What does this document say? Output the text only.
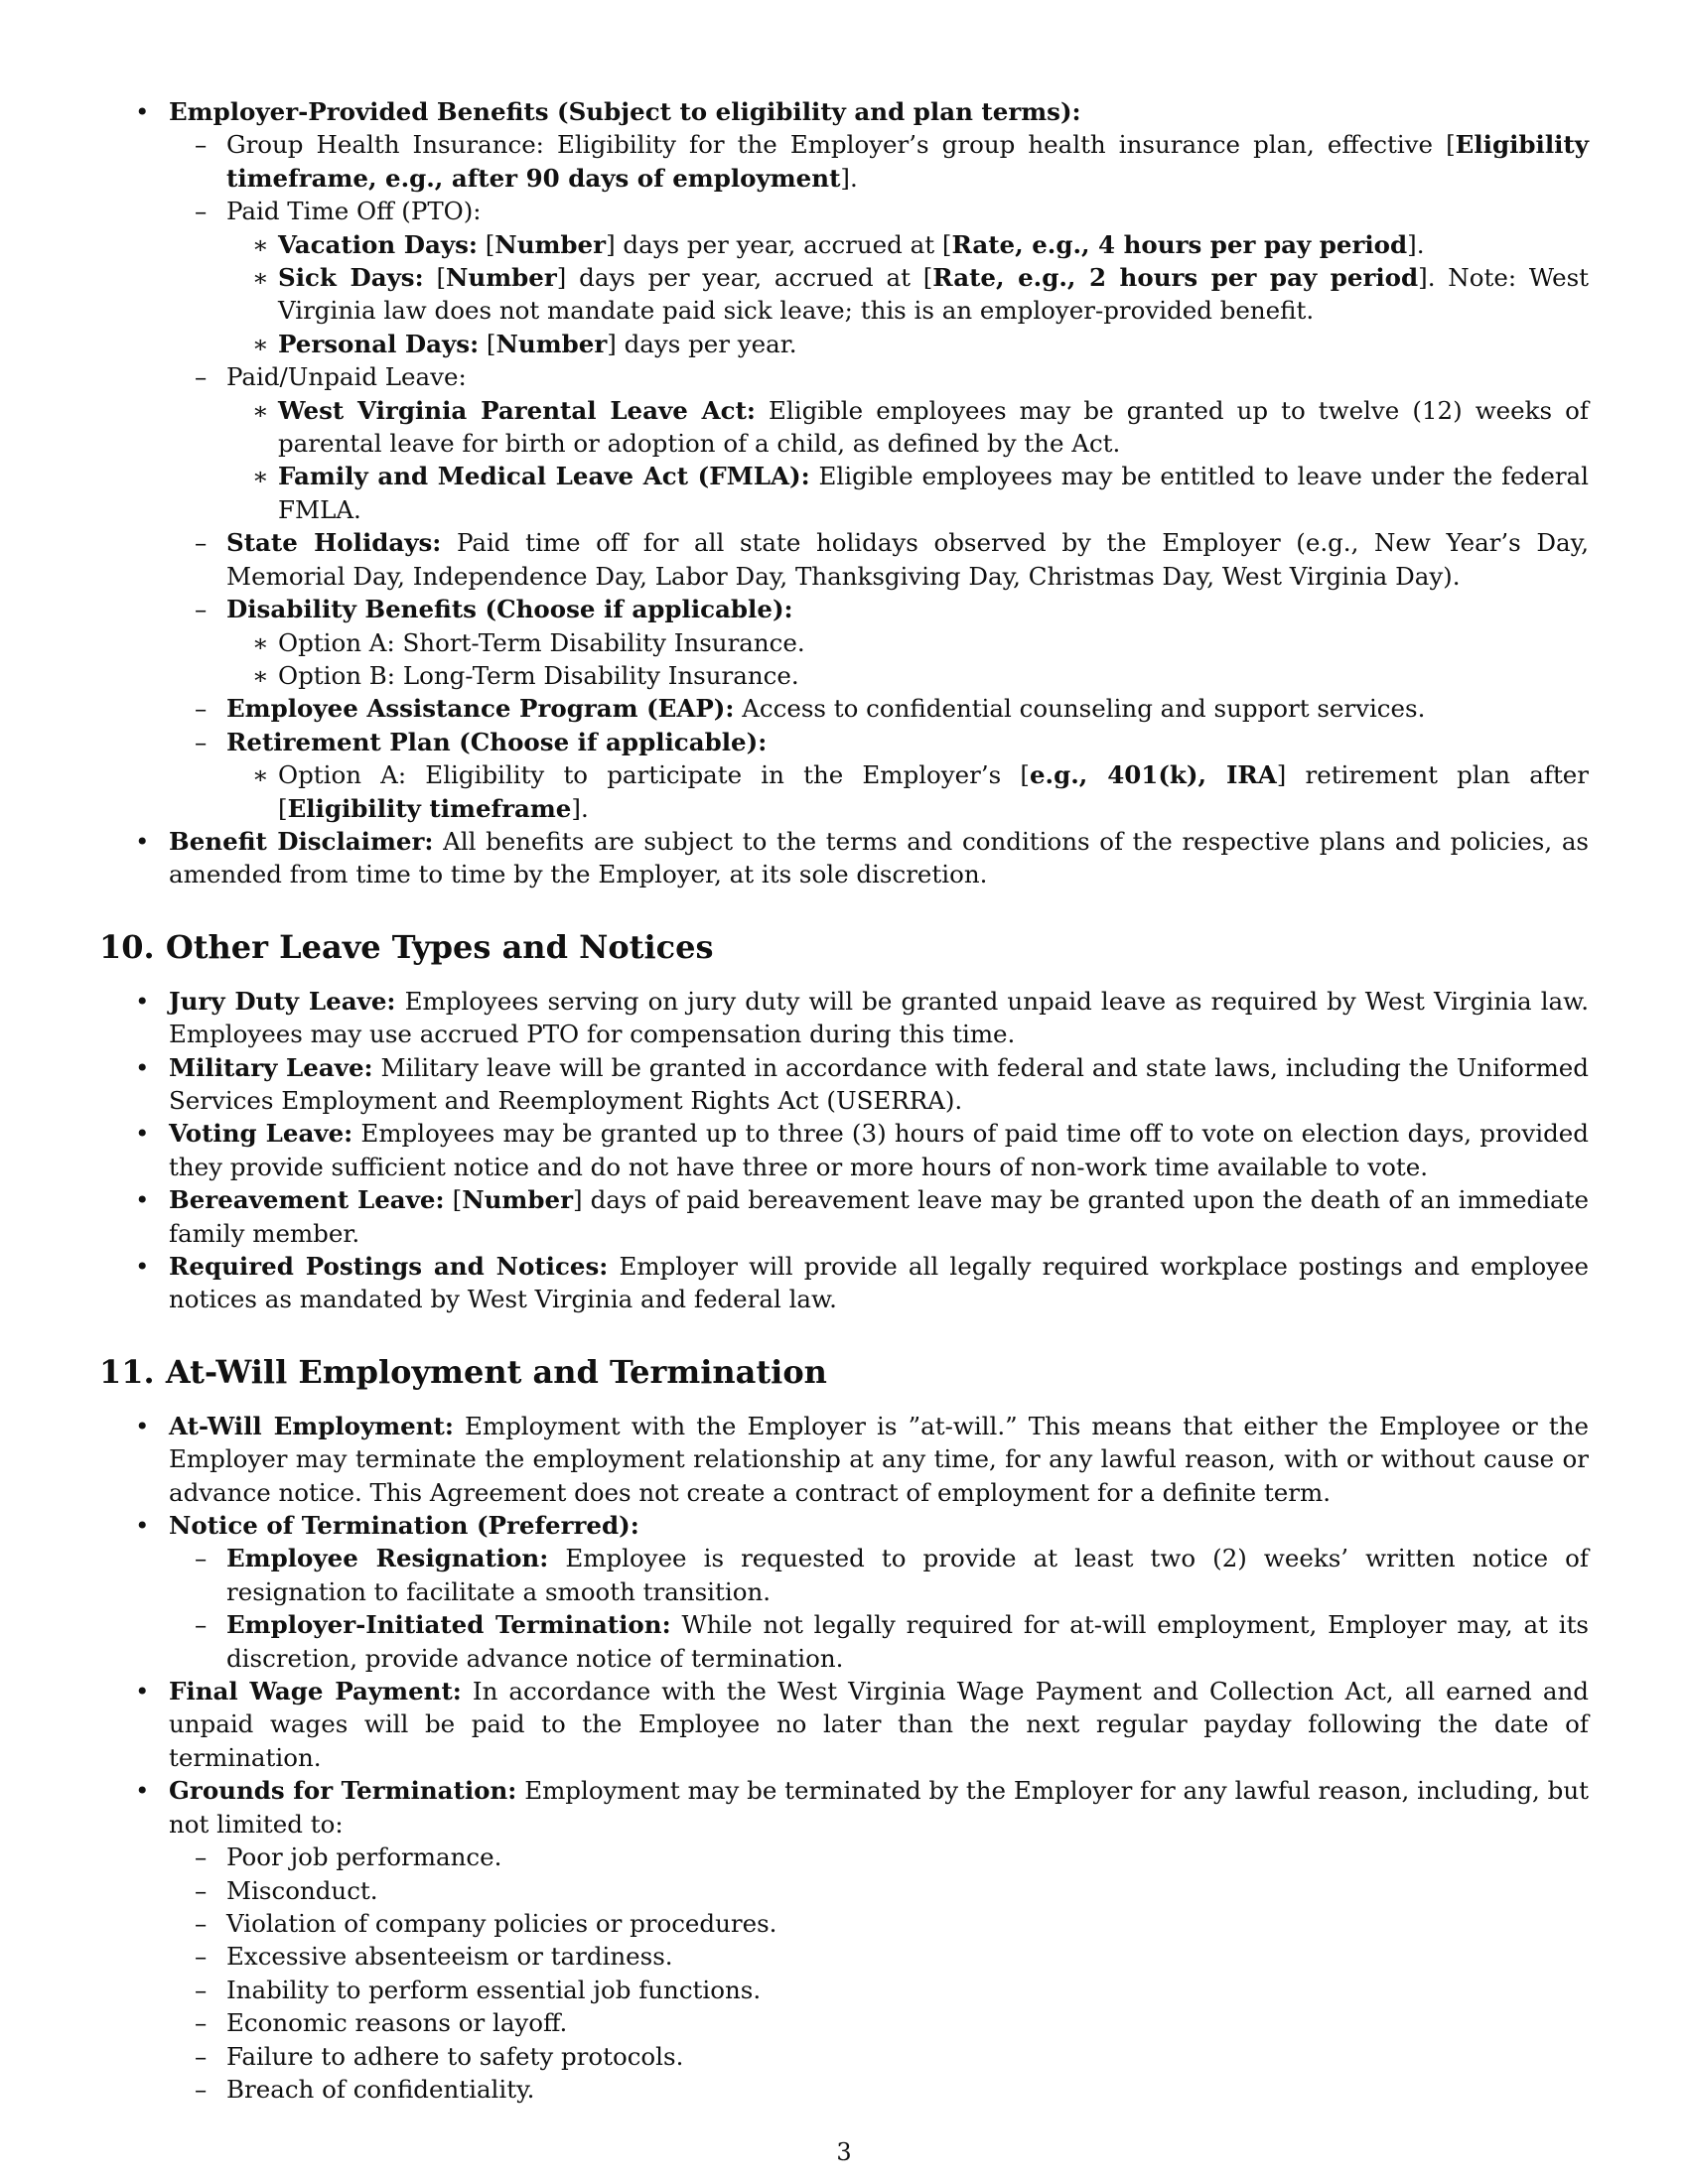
• Employer-Provided Benefits (Subject to eligibility and plan terms):
– Group Health Insurance: Eligibility for the Employer’s group health insurance plan, effective [Eligibility timeframe, e.g., after 90 days of employment].
– Paid Time Off (PTO):
∗ Vacation Days: [Number] days per year, accrued at [Rate, e.g., 4 hours per pay period].
∗ Sick Days: [Number] days per year, accrued at [Rate, e.g., 2 hours per pay period]. Note: West Virginia law does not mandate paid sick leave; this is an employer-provided benefit.
∗ Personal Days: [Number] days per year.
– Paid/Unpaid Leave:
∗ West Virginia Parental Leave Act: Eligible employees may be granted up to twelve (12) weeks of parental leave for birth or adoption of a child, as defined by the Act.
∗ Family and Medical Leave Act (FMLA): Eligible employees may be entitled to leave under the federal FMLA.
– State Holidays: Paid time off for all state holidays observed by the Employer (e.g., New Year’s Day, Memorial Day, Independence Day, Labor Day, Thanksgiving Day, Christmas Day, West Virginia Day).
– Disability Benefits (Choose if applicable):
∗ Option A: Short-Term Disability Insurance.
∗ Option B: Long-Term Disability Insurance.
– Employee Assistance Program (EAP): Access to confidential counseling and support services.
– Retirement Plan (Choose if applicable):
∗ Option A: Eligibility to participate in the Employer’s [e.g., 401(k), IRA] retirement plan after [Eligibility timeframe].
• Benefit Disclaimer: All benefits are subject to the terms and conditions of the respective plans and policies, as amended from time to time by the Employer, at its sole discretion.
10. Other Leave Types and Notices
• Jury Duty Leave: Employees serving on jury duty will be granted unpaid leave as required by West Virginia law. Employees may use accrued PTO for compensation during this time.
• Military Leave: Military leave will be granted in accordance with federal and state laws, including the Uniformed Services Employment and Reemployment Rights Act (USERRA).
• Voting Leave: Employees may be granted up to three (3) hours of paid time off to vote on election days, provided they provide sufficient notice and do not have three or more hours of non-work time available to vote.
• Bereavement Leave: [Number] days of paid bereavement leave may be granted upon the death of an immediate family member.
• Required Postings and Notices: Employer will provide all legally required workplace postings and employee notices as mandated by West Virginia and federal law.
11. At-Will Employment and Termination
• At-Will Employment: Employment with the Employer is ”at-will.” This means that either the Employee or the Employer may terminate the employment relationship at any time, for any lawful reason, with or without cause or advance notice. This Agreement does not create a contract of employment for a definite term.
• Notice of Termination (Preferred):
– Employee Resignation: Employee is requested to provide at least two (2) weeks’ written notice of resignation to facilitate a smooth transition.
– Employer-Initiated Termination: While not legally required for at-will employment, Employer may, at its discretion, provide advance notice of termination.
• Final Wage Payment: In accordance with the West Virginia Wage Payment and Collection Act, all earned and unpaid wages will be paid to the Employee no later than the next regular payday following the date of termination.
• Grounds for Termination: Employment may be terminated by the Employer for any lawful reason, including, but not limited to:
– Poor job performance.
– Misconduct.
– Violation of company policies or procedures.
– Excessive absenteeism or tardiness.
– Inability to perform essential job functions.
– Economic reasons or layoff.
– Failure to adhere to safety protocols.
– Breach of confidentiality.
3
